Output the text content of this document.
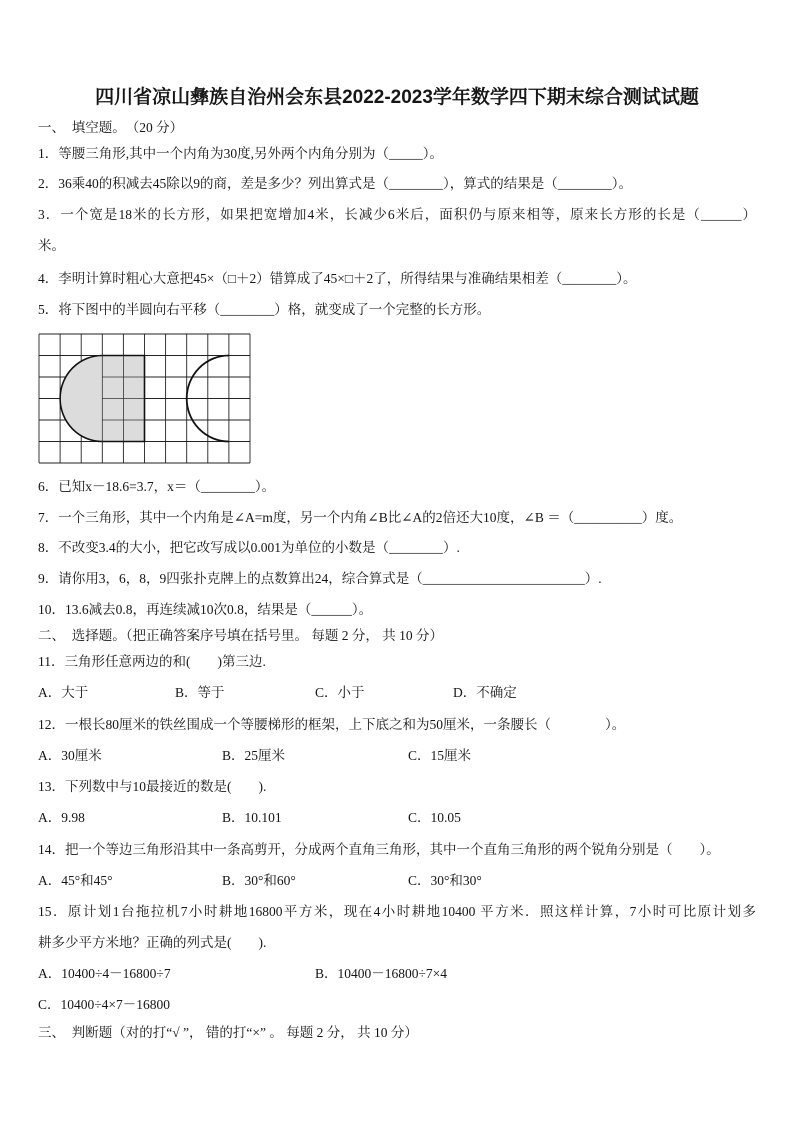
四川省凉山彝族自治州会东县2022-2023学年数学四下期末综合测试试题
一、　填空题。　（20 分）
1．等腰三角形,其中一个内角为30度,另外两个内角分别为（_____）。
2．36乘40的积减去45除以9的商，差是多少？列出算式是（________），算式的结果是（________）。
3．一个宽是18米的长方形，如果把宽增加4米，长减少6米后，面积仍与原来相等，原来长方形的长是（______）
米。
4．李明计算时粗心大意把45×（□＋2）错算成了45×□＋2了，所得结果与准确结果相差（________）。
5．将下图中的半圆向右平移（________）格，就变成了一个完整的长方形。
6．已知x－18.6=3.7，x＝（________）。
7．一个三角形，其中一个内角是∠A=m度，另一个内角∠B比∠A的2倍还大10度，∠B ＝（__________）度。
8．不改变3.4的大小，把它改写成以0.001为单位的小数是（________）.
9．请你用3，6，8，9四张扑克牌上的点数算出24，综合算式是（________________________）.
10．13.6减去0.8，再连续减10次0.8，结果是（______）。
二、　选择题。（把正确答案序号填在括号里。 每题 2 分， 共 10 分）
11．三角形任意两边的和(　　)第三边.
A．大于	B．等于	C．小于	D．不确定
12．一根长80厘米的铁丝围成一个等腰梯形的框架，上下底之和为50厘米，一条腰长（　　　　）。
A．30厘米	B．25厘米	C．15厘米
13．下列数中与10最接近的数是(　　).
A．9.98	B．10.101	C．10.05
14．把一个等边三角形沿其中一条高剪开，分成两个直角三角形，其中一个直角三角形的两个锐角分别是（　　）。
A．45°和45°	B．30°和60°	C．30°和30°
15．原计划1台拖拉机7小时耕地16800平方米，现在4小时耕地10400 平方米．照这样计算，7小时可比原计划多
耕多少平方米地？正确的列式是(　　).
A．10400÷4－16800÷7	B．10400－16800÷7×4
C．10400÷4×7－16800
三、　判断题（对的打“√ ”， 错的打“×” 。 每题 2 分， 共 10 分）
